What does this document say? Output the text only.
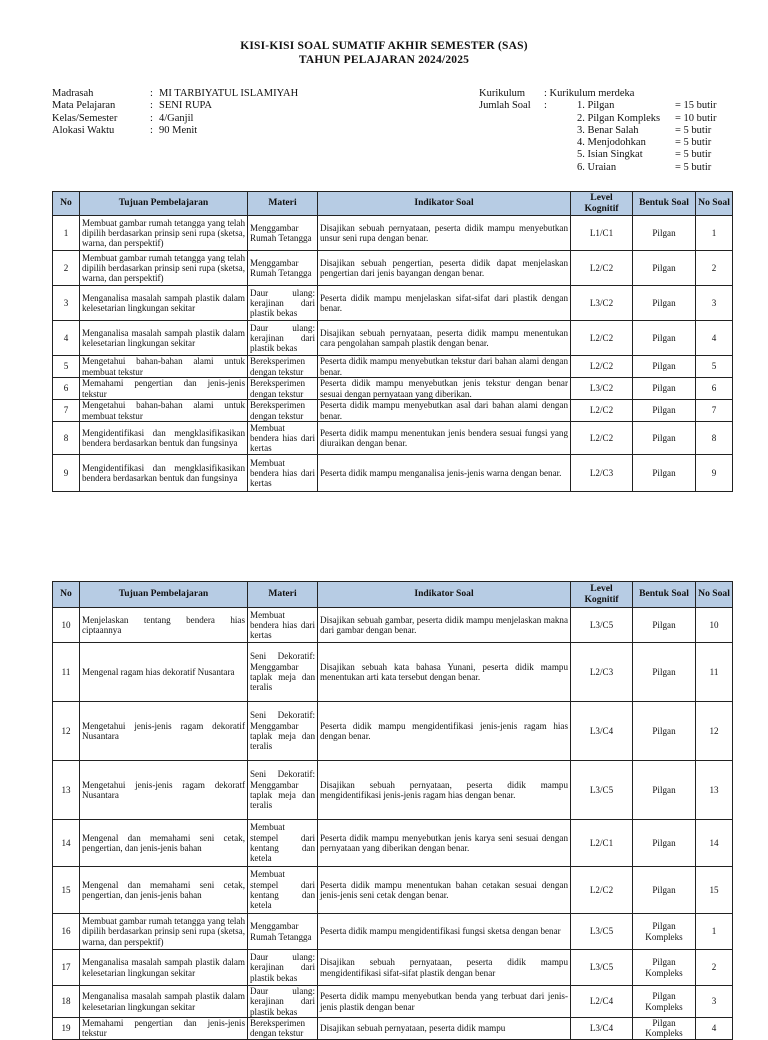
KISI-KISI SOAL SUMATIF AKHIR SEMESTER (SAS)
TAHUN PELAJARAN 2024/2025
Madrasah	: MI TARBIYATUL ISLAMIYAH
Mata Pelajaran	: SENI RUPA
Kelas/Semester	: 4/Ganjil
Alokasi Waktu	: 90 Menit
Kurikulum	: Kurikulum merdeka
Jumlah Soal	:	1. Pilgan	= 15 butir
2. Pilgan Kompleks	= 10 butir
3. Benar Salah	= 5 butir
4. Menjodohkan	= 5 butir
5. Isian Singkat	= 5 butir
6. Uraian	= 5 butir
No	Tujuan Pembelajaran	Materi	Indikator Soal	Level Kognitif	Bentuk Soal	No Soal
1	Membuat gambar rumah tetangga yang telah dipilih berdasarkan prinsip seni rupa (sketsa, warna, dan perspektif)	Menggambar Rumah Tetangga	Disajikan sebuah pernyataan, peserta didik mampu menyebutkan unsur seni rupa dengan benar.	L1/C1	Pilgan	1
2	Membuat gambar rumah tetangga yang telah dipilih berdasarkan prinsip seni rupa (sketsa, warna, dan perspektif)	Menggambar Rumah Tetangga	Disajikan sebuah pengertian, peserta didik dapat menjelaskan pengertian dari jenis bayangan dengan benar.	L2/C2	Pilgan	2
3	Menganalisa masalah sampah plastik dalam kelesetarian lingkungan sekitar	Daur ulang: kerajinan dari plastik bekas	Peserta didik mampu menjelaskan sifat-sifat dari plastik dengan benar.	L3/C2	Pilgan	3
4	Menganalisa masalah sampah plastik dalam kelesetarian lingkungan sekitar	Daur ulang: kerajinan dari plastik bekas	Disajikan sebuah pernyataan, peserta didik mampu menentukan cara pengolahan sampah plastik dengan benar.	L2/C2	Pilgan	4
5	Mengetahui bahan-bahan alami untuk membuat tekstur	Bereksperimen dengan tekstur	Peserta didik mampu menyebutkan tekstur dari bahan alami dengan benar.	L2/C2	Pilgan	5
6	Memahami pengertian dan jenis-jenis tekstur	Bereksperimen dengan tekstur	Peserta didik mampu menyebutkan jenis tekstur dengan benar sesuai dengan pernyataan yang diberikan.	L3/C2	Pilgan	6
7	Mengetahui bahan-bahan alami untuk membuat tekstur	Bereksperimen dengan tekstur	Peserta didik mampu menyebutkan asal dari bahan alami dengan benar.	L2/C2	Pilgan	7
8	Mengidentifikasi dan mengklasifikasikan bendera berdasarkan bentuk dan fungsinya	Membuat bendera hias dari kertas	Peserta didik mampu menentukan jenis bendera sesuai fungsi yang diuraikan dengan benar.	L2/C2	Pilgan	8
9	Mengidentifikasi dan mengklasifikasikan bendera berdasarkan bentuk dan fungsinya	Membuat bendera hias dari kertas	Peserta didik mampu menganalisa jenis-jenis warna dengan benar.	L2/C3	Pilgan	9
No	Tujuan Pembelajaran	Materi	Indikator Soal	Level Kognitif	Bentuk Soal	No Soal
10	Menjelaskan tentang bendera hias ciptaannya	Membuat bendera hias dari kertas	Disajikan sebuah gambar, peserta didik mampu menjelaskan makna dari gambar dengan benar.	L3/C5	Pilgan	10
11	Mengenal ragam hias dekoratif Nusantara	Seni Dekoratif: Menggambar taplak meja dan teralis	Disajikan sebuah kata bahasa Yunani, peserta didik mampu menentukan arti kata tersebut dengan benar.	L2/C3	Pilgan	11
12	Mengetahui jenis-jenis ragam dekoratif Nusantara	Seni Dekoratif: Menggambar taplak meja dan teralis	Peserta didik mampu mengidentifikasi jenis-jenis ragam hias dengan benar.	L3/C4	Pilgan	12
13	Mengetahui jenis-jenis ragam dekoratf Nusantara	Seni Dekoratif: Menggambar taplak meja dan teralis	Disajikan sebuah pernyataan, peserta didik mampu mengidentifikasi jenis-jenis ragam hias dengan benar.	L3/C5	Pilgan	13
14	Mengenal dan memahami seni cetak, pengertian, dan jenis-jenis bahan	Membuat stempel dari kentang dan ketela	Peserta didik mampu menyebutkan jenis karya seni sesuai dengan pernyataan yang diberikan dengan benar.	L2/C1	Pilgan	14
15	Mengenal dan memahami seni cetak, pengertian, dan jenis-jenis bahan	Membuat stempel dari kentang dan ketela	Peserta didik mampu menentukan bahan cetakan sesuai dengan jenis-jenis seni cetak dengan benar.	L2/C2	Pilgan	15
16	Membuat gambar rumah tetangga yang telah dipilih berdasarkan prinsip seni rupa (sketsa, warna, dan perspektif)	Menggambar Rumah Tetangga	Peserta didik mampu mengidentifikasi fungsi sketsa dengan benar	L3/C5	Pilgan Kompleks	1
17	Menganalisa masalah sampah plastik dalam kelesetarian lingkungan sekitar	Daur ulang: kerajinan dari plastik bekas	Disajikan sebuah pernyataan, peserta didik mampu mengidentifikasi sifat-sifat plastik dengan benar	L3/C5	Pilgan Kompleks	2
18	Menganalisa masalah sampah plastik dalam kelesetarian lingkungan sekitar	Daur ulang: kerajinan dari plastik bekas	Peserta didik mampu menyebutkan benda yang terbuat dari jenis-jenis plastik dengan benar	L2/C4	Pilgan Kompleks	3
19	Memahami pengertian dan jenis-jenis tekstur	Bereksperimen dengan tekstur	Disajikan sebuah pernyataan, peserta didik mampu	L3/C4	Pilgan Kompleks	4
